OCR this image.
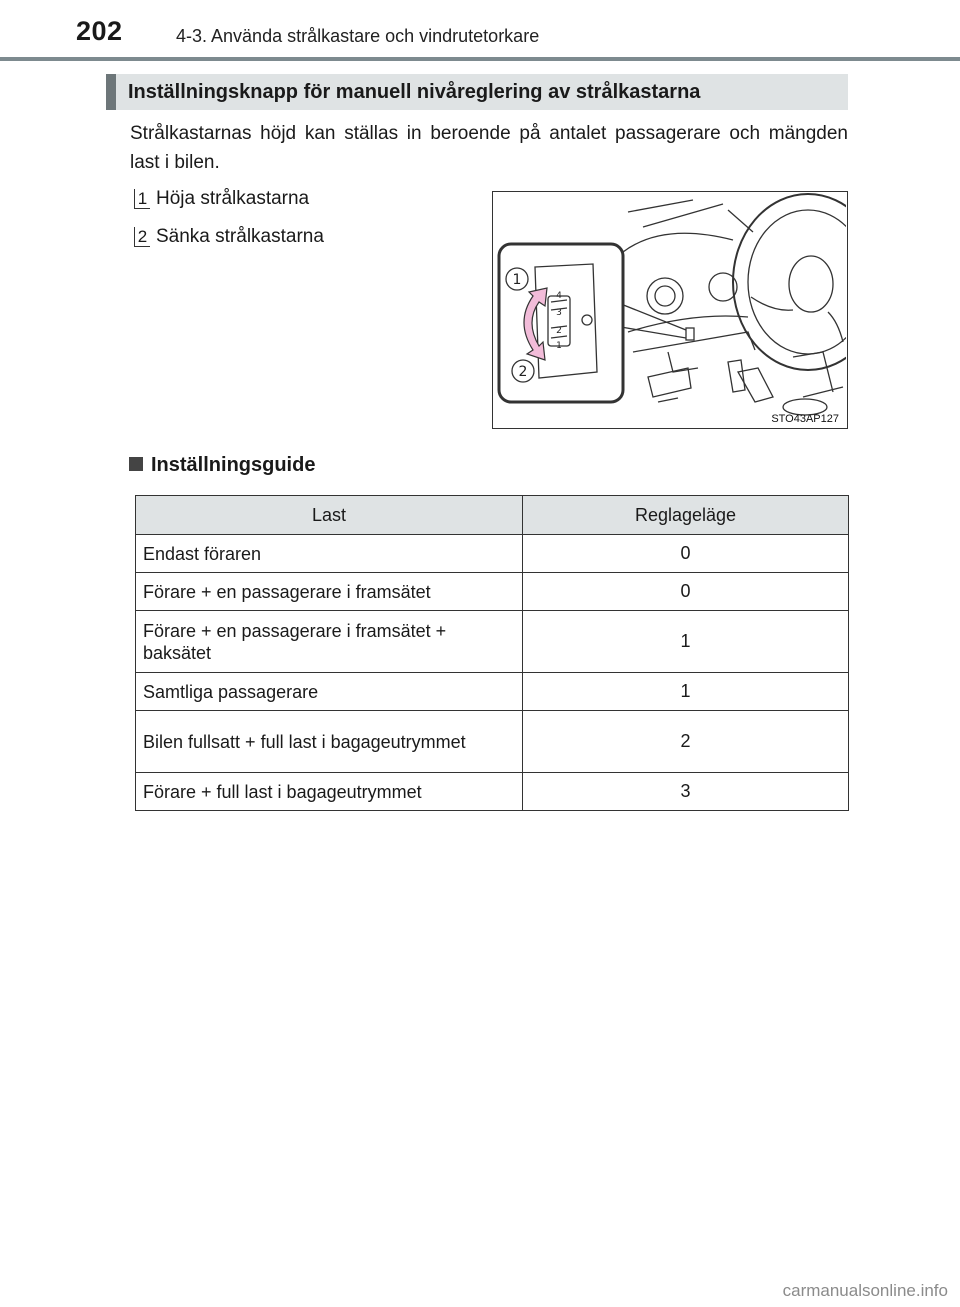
202	4-3. Använda strålkastare och vindrutetorkare
Inställningsknapp för manuell nivåreglering av strålkastarna
Strålkastarnas höjd kan ställas in beroende på antalet passagerare och mängden last i bilen.
1 Höja strålkastarna
2 Sänka strålkastarna
4
3
2
1
1
2
STO43AP127
Inställningsguide
Last	Reglageläge
Endast föraren	0
Förare + en passagerare i framsätet	0
Förare + en passagerare i framsätet + baksätet	1
Samtliga passagerare	1
Bilen fullsatt + full last i bagageutrymmet	2
Förare + full last i bagageutrymmet	3
carmanualsonline.info
